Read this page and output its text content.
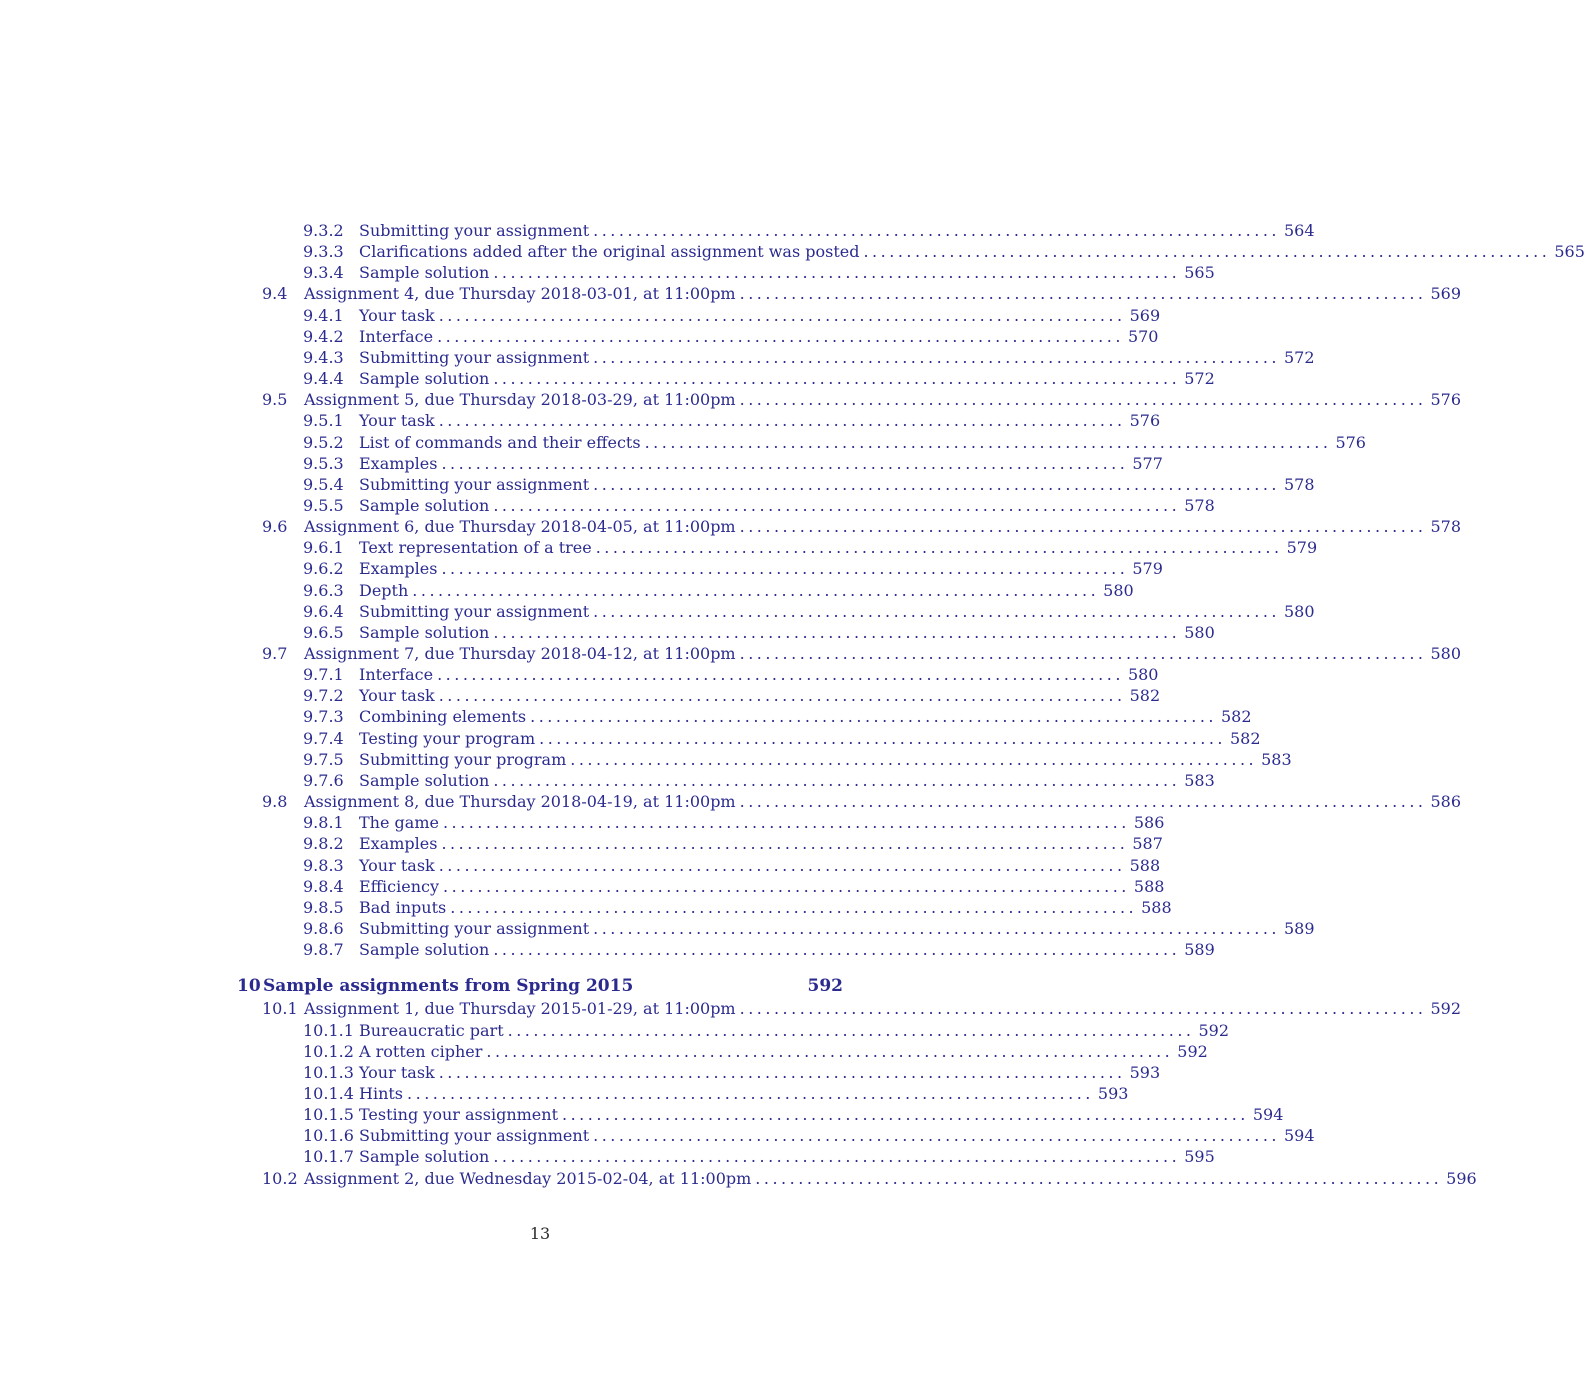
9.3.2 Submitting your assignment ................................................................................ 564
9.3.3 Clarifications added after the original assignment was posted ................................................................................ 565
9.3.4 Sample solution ................................................................................ 565
9.4	Assignment 4, due Thursday 2018-03-01, at 11:00pm ................................................................................ 569
9.4.1 Your task ................................................................................ 569
9.4.2 Interface ................................................................................ 570
9.4.3 Submitting your assignment ................................................................................ 572
9.4.4 Sample solution ................................................................................ 572
9.5	Assignment 5, due Thursday 2018-03-29, at 11:00pm ................................................................................ 576
9.5.1 Your task ................................................................................ 576
9.5.2 List of commands and their effects ................................................................................ 576
9.5.3 Examples ................................................................................ 577
9.5.4 Submitting your assignment ................................................................................ 578
9.5.5 Sample solution ................................................................................ 578
9.6	Assignment 6, due Thursday 2018-04-05, at 11:00pm ................................................................................ 578
9.6.1 Text representation of a tree ................................................................................ 579
9.6.2 Examples ................................................................................ 579
9.6.3 Depth ................................................................................ 580
9.6.4 Submitting your assignment ................................................................................ 580
9.6.5 Sample solution ................................................................................ 580
9.7	Assignment 7, due Thursday 2018-04-12, at 11:00pm ................................................................................ 580
9.7.1 Interface ................................................................................ 580
9.7.2 Your task ................................................................................ 582
9.7.3 Combining elements ................................................................................ 582
9.7.4 Testing your program ................................................................................ 582
9.7.5 Submitting your program ................................................................................ 583
9.7.6 Sample solution ................................................................................ 583
9.8	Assignment 8, due Thursday 2018-04-19, at 11:00pm ................................................................................ 586
9.8.1 The game ................................................................................ 586
9.8.2 Examples ................................................................................ 587
9.8.3 Your task ................................................................................ 588
9.8.4 Efficiency ................................................................................ 588
9.8.5 Bad inputs ................................................................................ 588
9.8.6 Submitting your assignment ................................................................................ 589
9.8.7 Sample solution ................................................................................ 589
10 Sample assignments from Spring 2015	592
10.1 Assignment 1, due Thursday 2015-01-29, at 11:00pm ................................................................................ 592
10.1.1 Bureaucratic part ................................................................................ 592
10.1.2 A rotten cipher ................................................................................ 592
10.1.3 Your task ................................................................................ 593
10.1.4 Hints ................................................................................ 593
10.1.5 Testing your assignment ................................................................................ 594
10.1.6 Submitting your assignment ................................................................................ 594
10.1.7 Sample solution ................................................................................ 595
10.2 Assignment 2, due Wednesday 2015-02-04, at 11:00pm ................................................................................ 596
13
